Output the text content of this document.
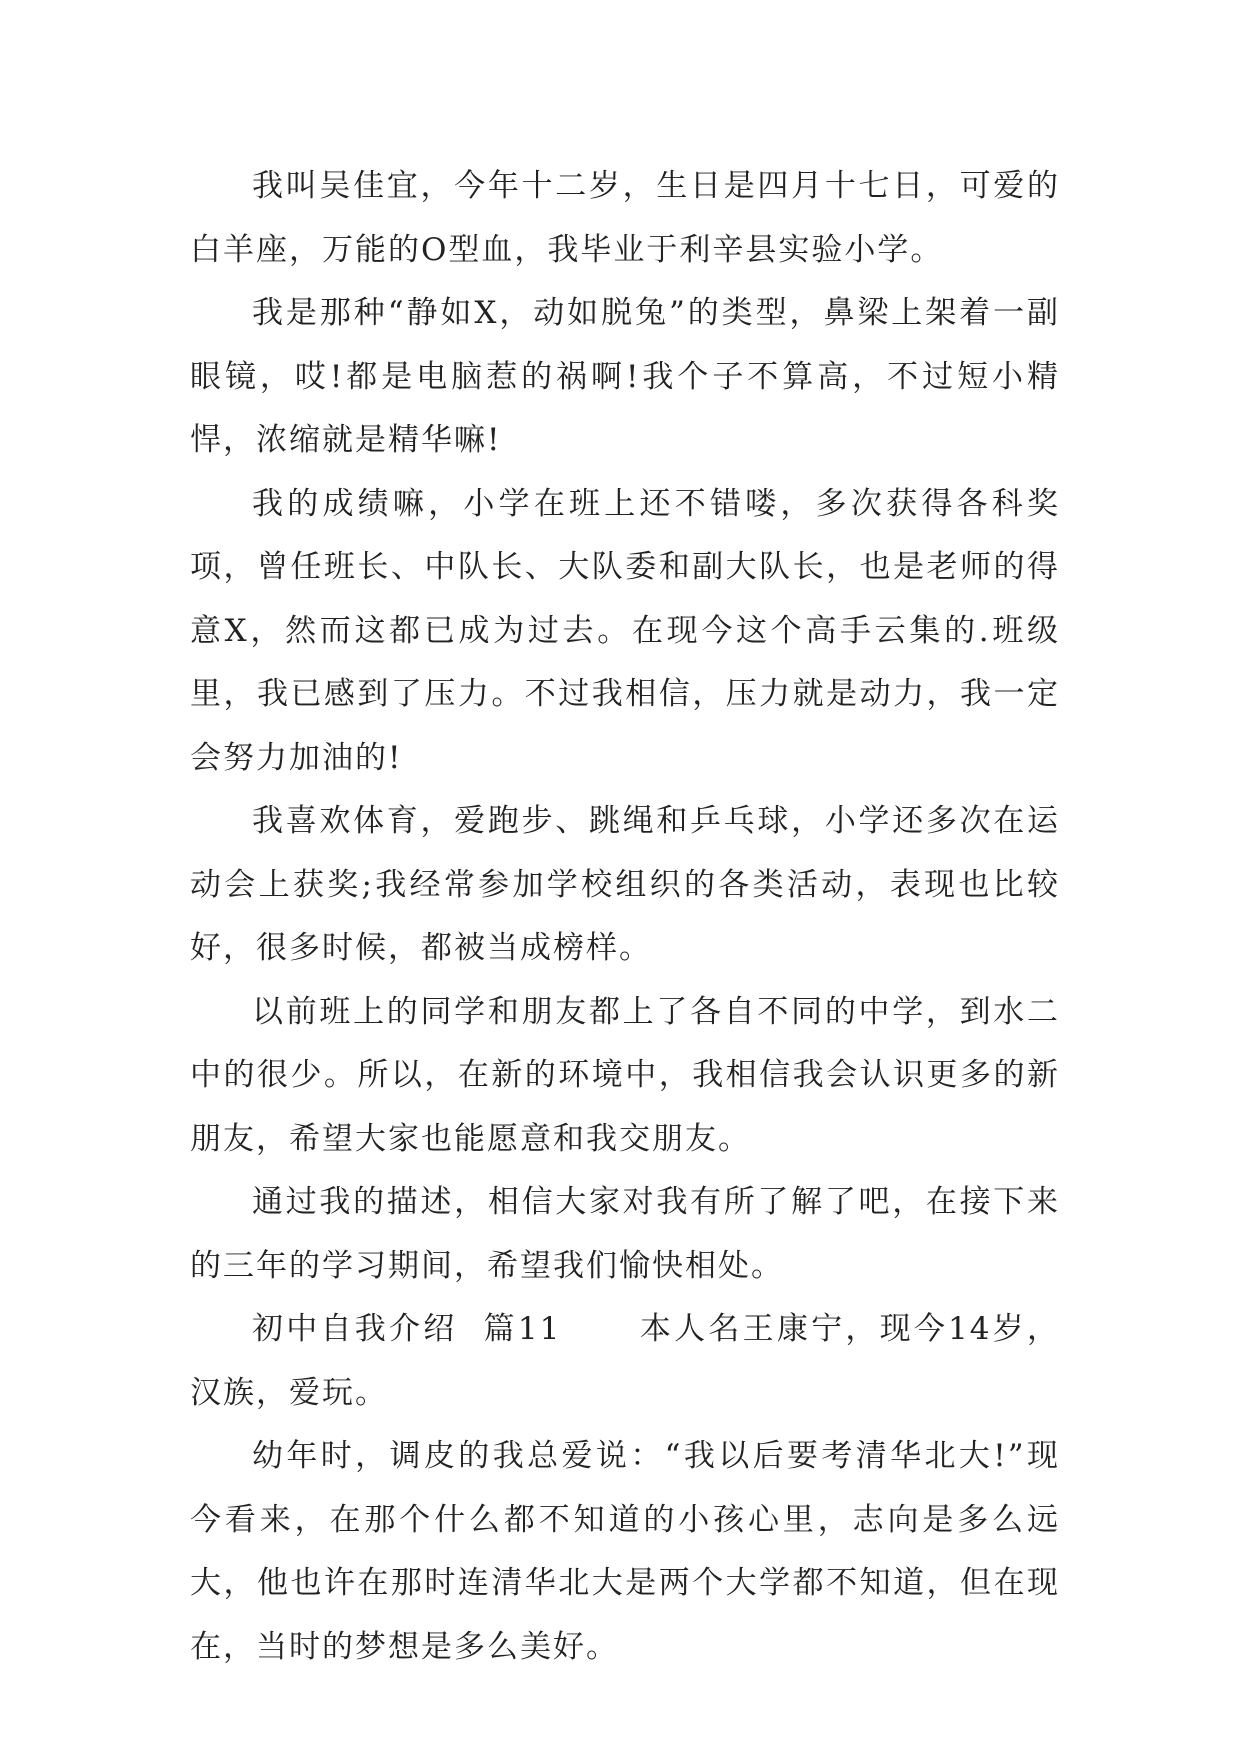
我叫吴佳宜，今年十二岁，生日是四月十七日，可爱的白羊座，万能的O型血，我毕业于利辛县实验小学。

我是那种“静如X，动如脱兔”的类型，鼻梁上架着一副眼镜，哎!都是电脑惹的祸啊!我个子不算高，不过短小精悍，浓缩就是精华嘛!

我的成绩嘛，小学在班上还不错喽，多次获得各科奖项，曾任班长、中队长、大队委和副大队长，也是老师的得意X，然而这都已成为过去。在现今这个高手云集的.班级里，我已感到了压力。不过我相信，压力就是动力，我一定会努力加油的!

我喜欢体育，爱跑步、跳绳和乒乓球，小学还多次在运动会上获奖;我经常参加学校组织的各类活动，表现也比较好，很多时候，都被当成榜样。

以前班上的同学和朋友都上了各自不同的中学，到水二中的很少。所以，在新的环境中，我相信我会认识更多的新朋友，希望大家也能愿意和我交朋友。

通过我的描述，相信大家对我有所了解了吧，在接下来的三年的学习期间，希望我们愉快相处。

初中自我介绍  篇11      本人名王康宁，现今14岁，汉族，爱玩。

幼年时，调皮的我总爱说：“我以后要考清华北大!”现今看来，在那个什么都不知道的小孩心里，志向是多么远大，他也许在那时连清华北大是两个大学都不知道，但在现在，当时的梦想是多么美好。
